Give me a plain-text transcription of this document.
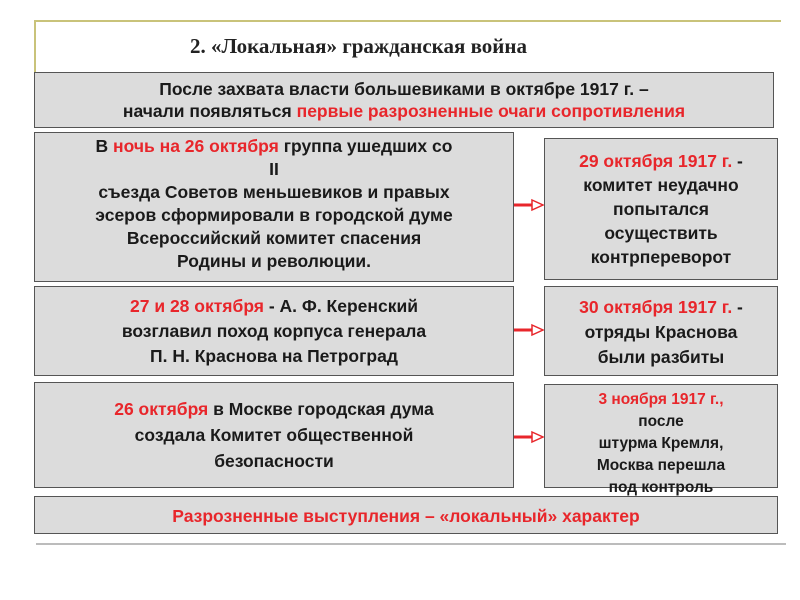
2. «Локальная» гражданская война
После захвата власти большевиками в октябре 1917 г. –
начали появляться первые разрозненные очаги сопротивления
В ночь на 26 октября группа ушедших со
II
съезда Советов меньшевиков и правых
эсеров сформировали в городской думе
Всероссийский комитет спасения
Родины и революции.
29 октября 1917 г. -
комитет неудачно
попытался
осуществить
контрпереворот
27 и 28 октября - А. Ф. Керенский
возглавил поход корпуса генерала
П. Н. Краснова на Петроград
30 октября 1917 г. -
отряды Краснова
были разбиты
26 октября в Москве городская дума
создала Комитет общественной
безопасности
3 ноября 1917 г.,
после
штурма Кремля,
Москва перешла
под контроль
Разрозненные выступления – «локальный» характер
